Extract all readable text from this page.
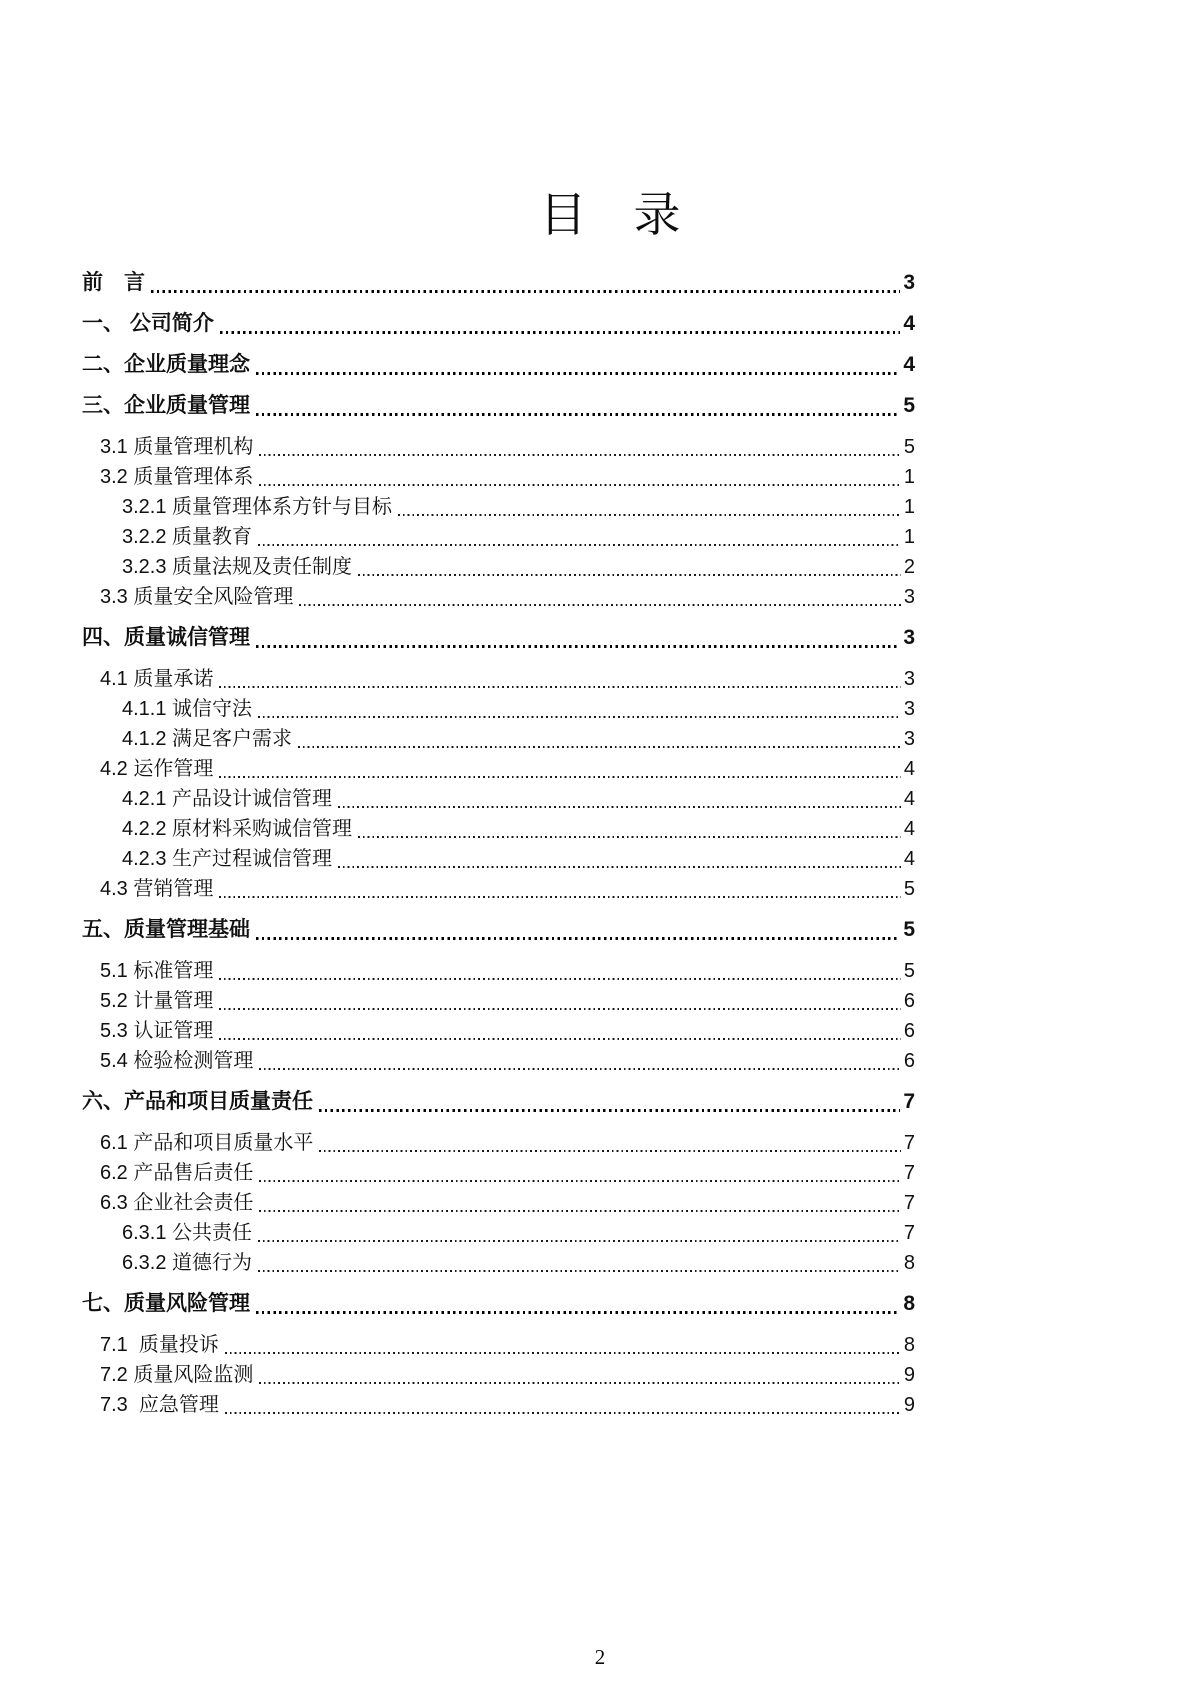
目　录
前　言	3
一、 公司简介	4
二、企业质量理念	4
三、企业质量管理	5
3.1 质量管理机构	5
3.2 质量管理体系	1
3.2.1 质量管理体系方针与目标	1
3.2.2 质量教育	1
3.2.3 质量法规及责任制度	2
3.3 质量安全风险管理	3
四、质量诚信管理	3
4.1 质量承诺	3
4.1.1 诚信守法	3
4.1.2 满足客户需求	3
4.2 运作管理	4
4.2.1 产品设计诚信管理	4
4.2.2 原材料采购诚信管理	4
4.2.3 生产过程诚信管理	4
4.3 营销管理	5
五、质量管理基础	5
5.1 标准管理	5
5.2 计量管理	6
5.3 认证管理	6
5.4 检验检测管理	6
六、产品和项目质量责任	7
6.1 产品和项目质量水平	7
6.2 产品售后责任	7
6.3 企业社会责任	7
6.3.1 公共责任	7
6.3.2 道德行为	8
七、质量风险管理	8
7.1  质量投诉	8
7.2 质量风险监测	9
7.3  应急管理	9
2
